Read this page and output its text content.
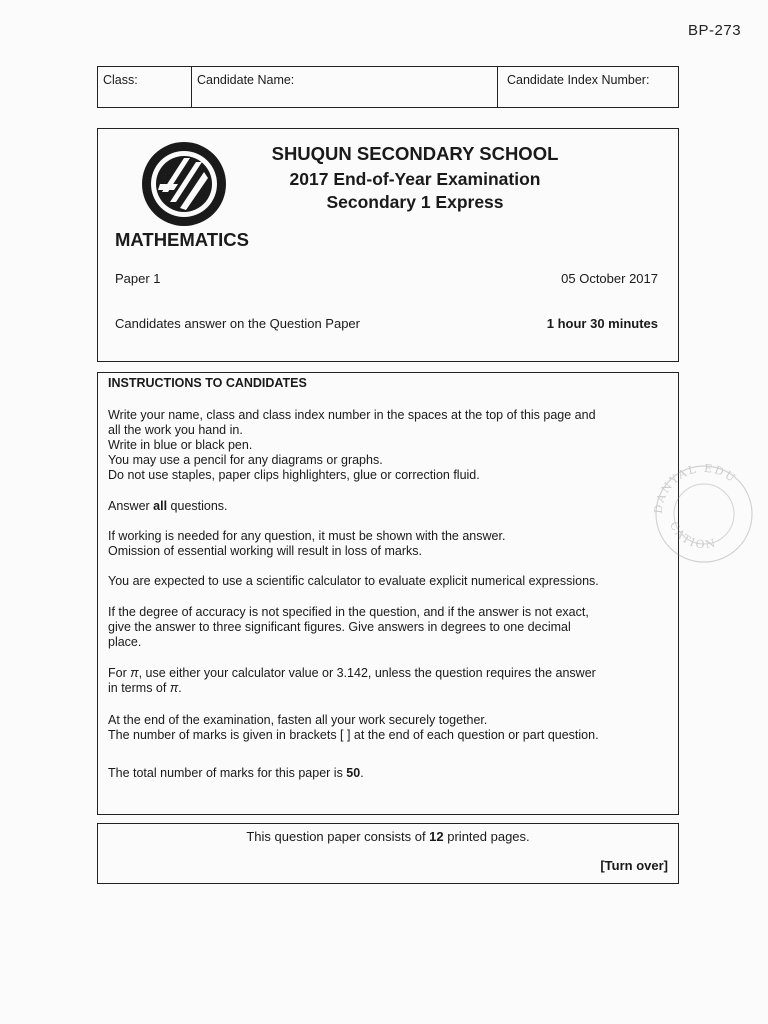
BP-273
Class:	Candidate Name:	Candidate Index Number:
SHUQUN SECONDARY SCHOOL
2017 End-of-Year Examination
Secondary 1 Express
MATHEMATICS
Paper 1	05 October 2017
Candidates answer on the Question Paper	1 hour 30 minutes
INSTRUCTIONS TO CANDIDATES

Write your name, class and class index number in the spaces at the top of this page and

all the work you hand in.

Write in blue or black pen.

You may use a pencil for any diagrams or graphs.

Do not use staples, paper clips highlighters, glue or correction fluid.

Answer all questions.

If working is needed for any question, it must be shown with the answer.

Omission of essential working will result in loss of marks.

You are expected to use a scientific calculator to evaluate explicit numerical expressions.

If the degree of accuracy is not specified in the question, and if the answer is not exact,

give the answer to three significant figures. Give answers in degrees to one decimal

place.

For π, use either your calculator value or 3.142, unless the question requires the answer

in terms of π.

At the end of the examination, fasten all your work securely together.

The number of marks is given in brackets [ ] at the end of each question or part question.

The total number of marks for this paper is 50.

This question paper consists of 12 printed pages.
[Turn over]
DANYAL EDU
CATION
